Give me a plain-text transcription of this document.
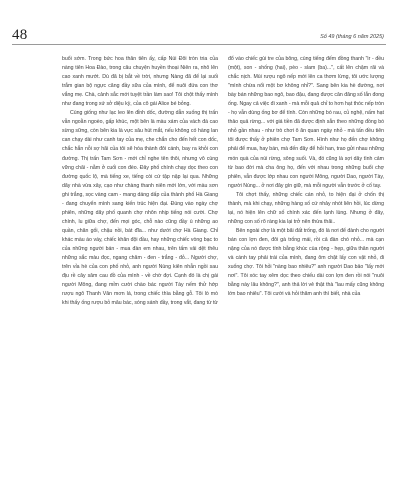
48	Số 49 (tháng 6 năm 2025)

buổi sớm. Trong bức hoa thân tiên ấy, cấp Núi Đôi tròn tria của nàng tiên Hoa Đào, trong câu chuyện huyền thoại Niên ra, nhô lên cao xanh mướt. Dù đã bị bắt về trời, nhưng Nàng đã để lại suối trắm gian bộ ngực căng đầy sữa của mình, để nuôi đứa con thơ vắng mẹ. Chà, cảnh sắc mới tuyệt trần làm sao! Tôi chột thấy mình như đang trong xứ sở diệu kỳ, của cô gái Alice bé bỏng.

Cùng giống như lạc leo lên đỉnh dốc, đường dẫn xuống thị trấn vẫn ngoằn ngoèo, gấp khúc, một bên là màu xám của vách đá cao sừng sững, còn bên kia là vực sâu hút mắt, nếu không có hàng lan can chạy dài như canh tay của mẹ, che chắn cho đến hết con dốc, chắc hẳn nỗi sợ hãi của tôi sẽ hóa thành đôi cánh, bay ra khỏi con đường. Thị trấn Tam Sơn - mới chỉ nghe tên thôi, nhưng vô cùng vững chãi - nằm ở cuối con đèo. Đây phố chính chạy dọc theo con đường quốc lộ, mà tiếng xe, tiếng còi cứ tập nập lại qua. Những dãy nhà vừa xây, cạo như chàng thanh niên mới lớn, với màu sơn ghi trắng, sọc vàng cam - mang dáng dấp của thành phố Hà Giang - đang chuyển mình sang kiến trúc hiện đại. Đúng vào ngày chợ phiên, những dãy phố quanh chợ nhôn nhịp tiếng nói cười. Chợ chính, lu giữa chợ, đến mọi góc, chỗ nào cũng đầy ù những ao quần, chăn gối, chậu nồi, bát đĩa... như dưới chợ Hà Giang. Chỉ khác màu áo váy, chiếc khăn đội đầu, hay những chiếc vòng bạc to của những người bán - mua đàn em nhau, trên tấm vải dệt thêu những sắc màu đọc, ngang chăm - đen - trắng - đỏ... Người chợ, trên vỉa hè của con phố nhỏ, anh người Nùng kiên nhẫn ngồi sau địu rề cây sâm cau đồ của mình - về chờ đợi. Cạnh đó là chị gái người Mông, đang mỉm cười chào bác người Tày nếm thử hớp rượu ngô Thanh Vân mơn lá, trong chiếc thìa bằng gỗ. Tôi lò mò khi thấy ống rượu bỏ mâu bác, sóng sánh đầy, trong vắt, đang từ từ

đổ vào chiếc gùi tre của bông, cùng tiếng đếm đồng thanh "ir - đều (một), son - shống (hai), pèo - slam (ba)...", cất lên chậm rãi và chắc nịch. Mùi rượu ngô nếp mới lên ca thơm lừng, tôi ước lượng "mình chừa nổi một bơ không nhỉ?". Sang bên kia hè đường, nơi bày bán những bao ngô, bao đậu, đang được cân đăng số lắn đong ống. Ngay cả việc đi xanh - mà mỗi quả chỉ to hơn hạt thóc nếp tròn - họ vẫn dùng ống bơ để tính. Còn những bó rau, củ nghệ, nấm hạt thảo quả rừng... với giá tiền đã được định sẵn theo những đồng bó nhỏ gần nhau - như trò chơi ô ăn quan ngày nhỏ - mà tấn đều tiên tôi được thấy ở phiên chợ Tam Sơn. Hình như họ đến chợ không phải để mua, hay bán, mà đến đây để hỏi han, trao gửi nhau những món quà của núi rừng, sông suối. Và, đó cũng là sợi dây tình cảm từ bao đời mà cha ông họ, đến với nhau trong những buổi chợ phiên, vẫn được lớp nhau con người Mông, người Dao, người Tày, người Nùng... ở nơi đây gìn giữ, mà mỗi người vẫn trước ở cố tay.

Tôi chợt thấy, những chiếc cán nhỏ, to hiện đại ở chốn thị thành, mà khi chạy, những hàng số cứ nhảy nhót liên hồi, lúc dừng lại, nó hiện lên chữ số chính xác đến lạnh lùng. Nhưng ở đây, những con số rõ ràng kia lại trở nên thừa thãi..

Bên ngoài chợ là một bãi đất trống, đó là nơi để đành cho người bán con lợn đen, đôi gà trống mái, rồi cả đàn chó nhỏ... mà cạn nặng của nó được tính bằng khúc cùa rộng - hẹp, giữa thân người và cánh tay phải trái của mình, đang ôm chặt lấy con vật nhỏ, đi xuống chợ. Tôi hỏi "nàng bao nhiêu?" anh người Dao bảo "lấy mới nơi". Tôi xóc tay xêm dọc theo chiếu dài con lợn đen rồi nói "nuôi bằng này lâu không?", anh thả lời vẻ thật thà "lau mấy cũng không lớn bao nhiêu". Tôi cười và hỏi thăm anh thì biết, nhà của
